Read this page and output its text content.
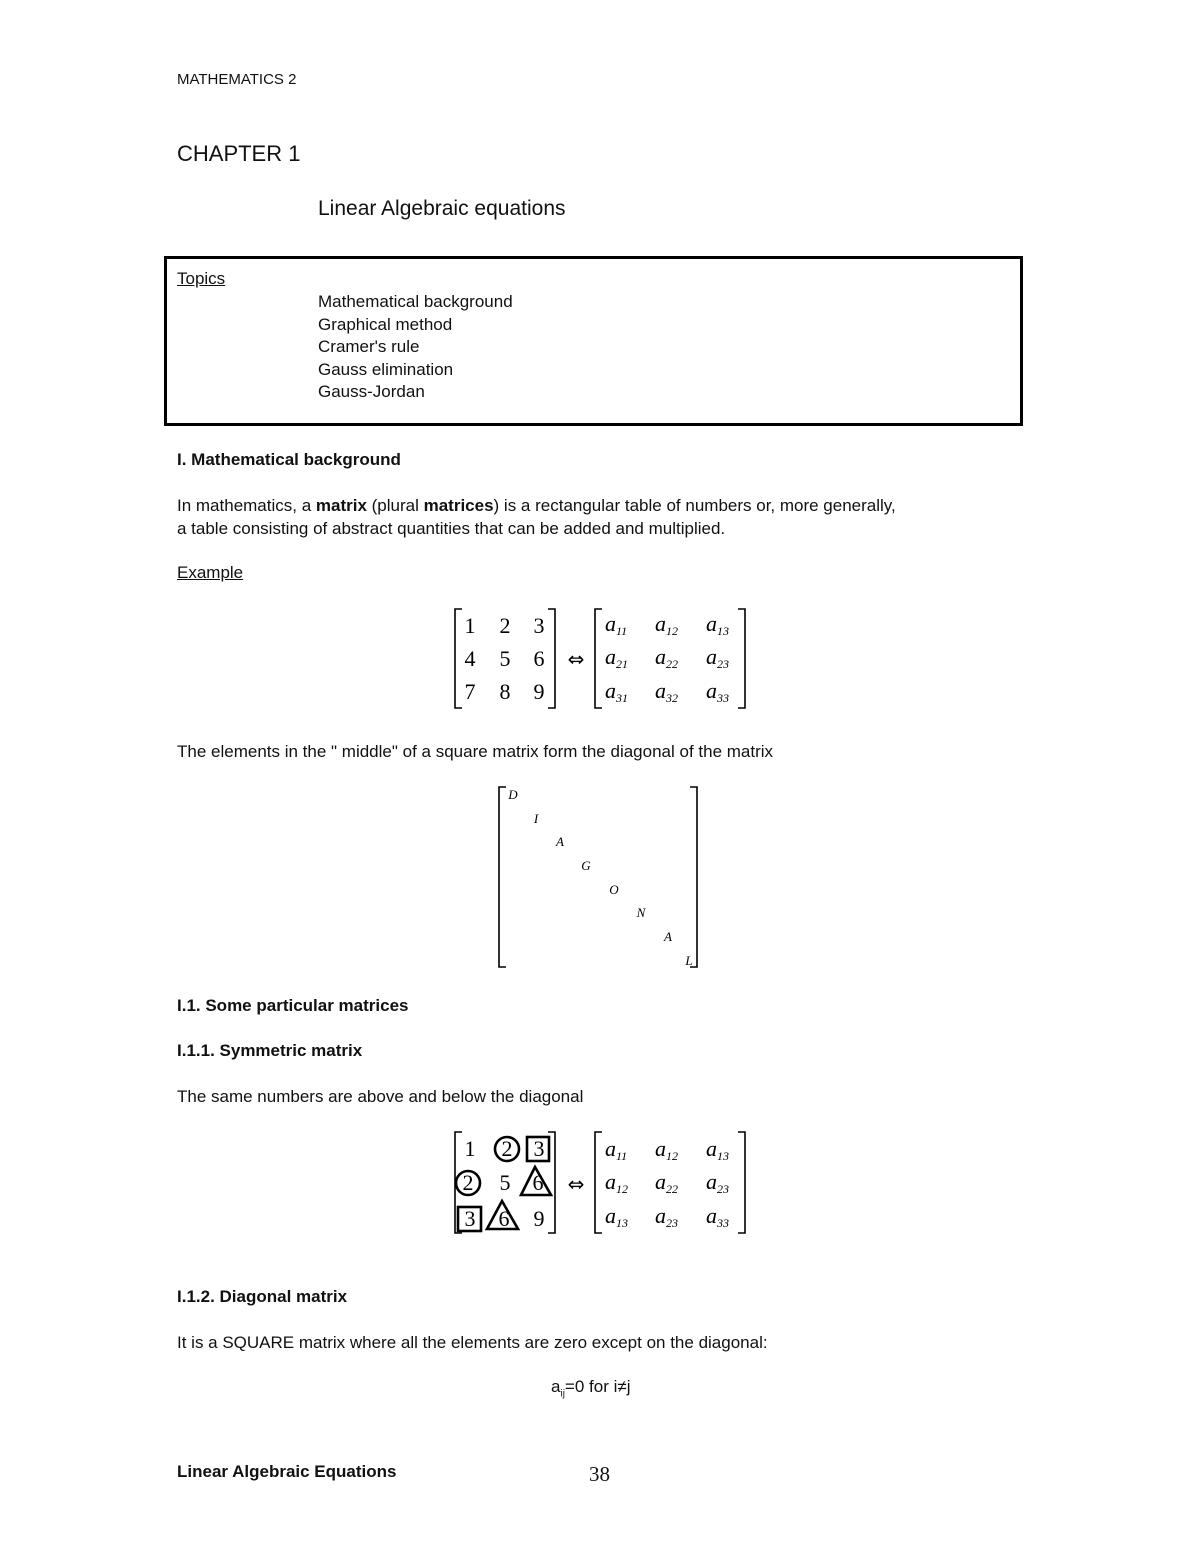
MATHEMATICS 2
CHAPTER 1
Linear Algebraic equations
Topics
Mathematical background
Graphical method
Cramer's rule
Gauss elimination
Gauss-Jordan
I. Mathematical background
In mathematics, a matrix (plural matrices) is a rectangular table of numbers or, more generally,
a table consisting of abstract quantities that can be added and multiplied.
Example
1 2 3
4 5 6
7 8 9
⇔
a11 a12 a13
a21 a22 a23
a31 a32 a33
The elements in the " middle" of a square matrix form the diagonal of the matrix
D
I
A
G
O
N
A
L
I.1. Some particular matrices
I.1.1. Symmetric matrix
The same numbers are above and below the diagonal
1 2 3
2 5 6
3 6 9
⇔
a11 a12 a13
a12 a22 a23
a13 a23 a33
I.1.2. Diagonal matrix
It is a SQUARE matrix where all the elements are zero except on the diagonal:
$a_{ij}=0$ for i≠j
Linear Algebraic Equations	38
